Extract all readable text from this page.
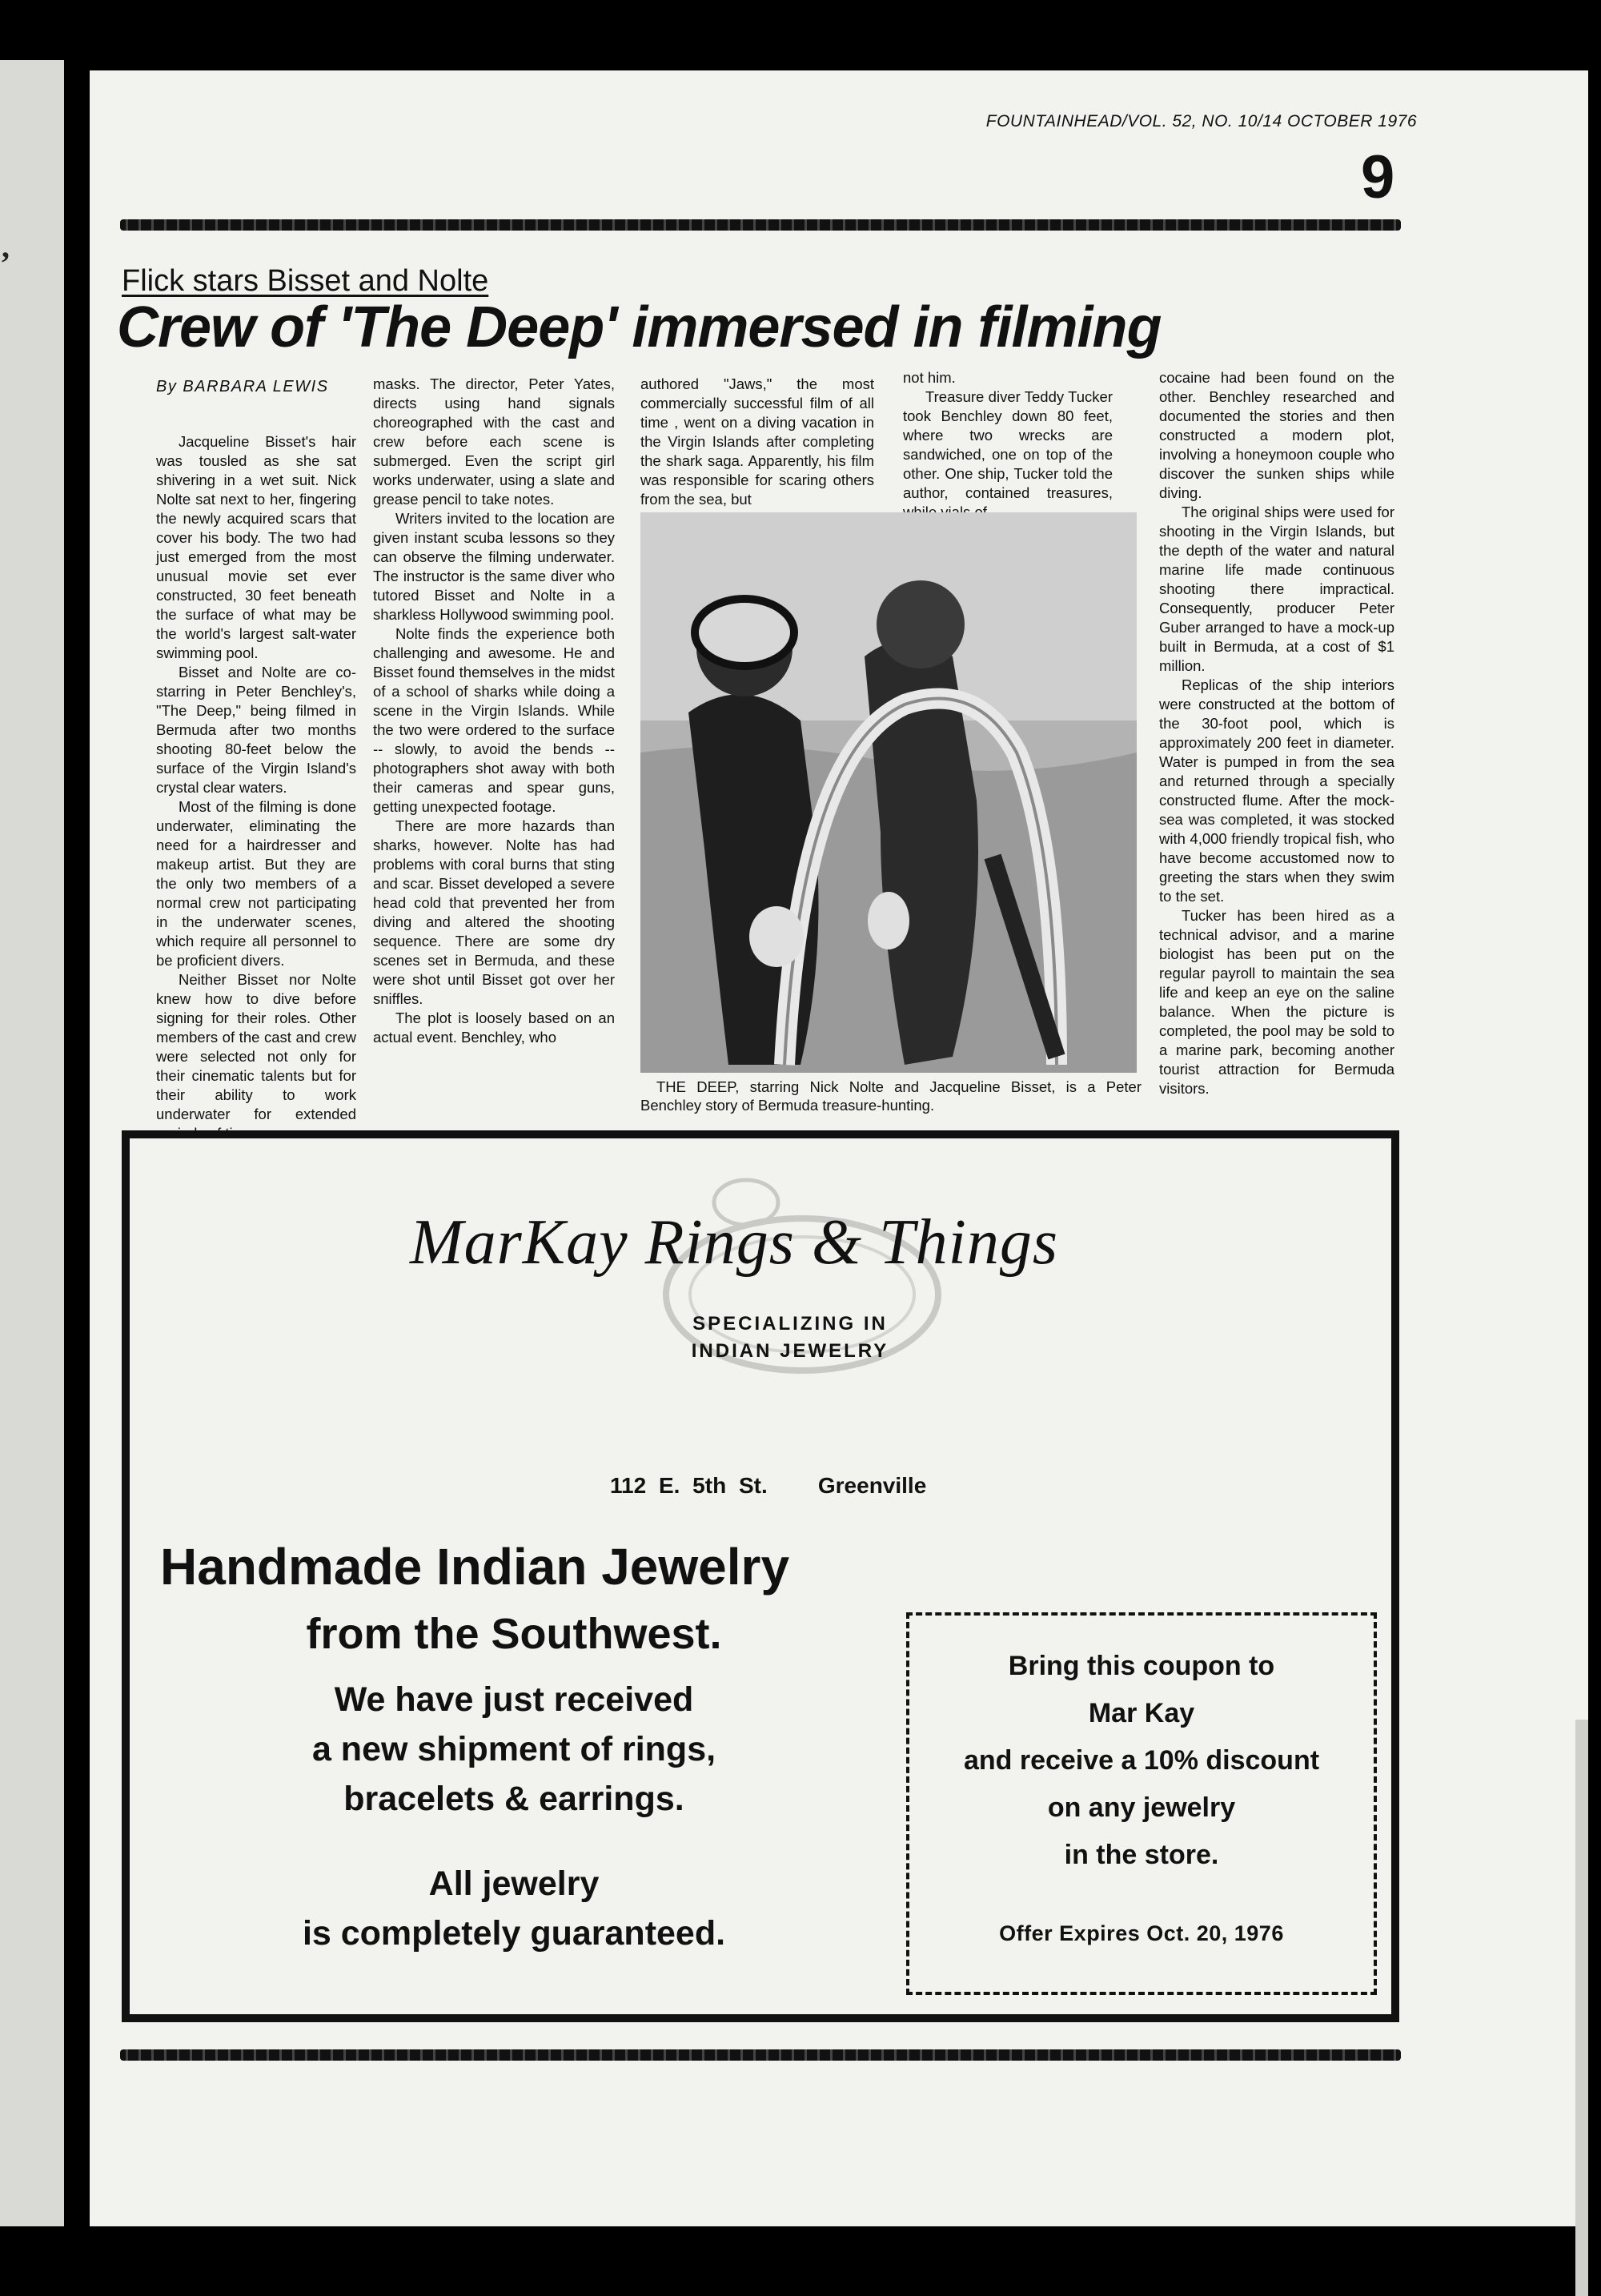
’
FOUNTAINHEAD/VOL. 52, NO. 10/14 OCTOBER 1976
9
Flick stars Bisset and Nolte
Crew of 'The Deep' immersed in filming
By BARBARA LEWIS

Jacqueline Bisset's hair was tousled as she sat shivering in a wet suit. Nick Nolte sat next to her, fingering the newly acquired scars that cover his body. The two had just emerged from the most unusual movie set ever constructed, 30 feet beneath the surface of what may be the world's largest salt-water swimming pool.

Bisset and Nolte are co-starring in Peter Benchley's, "The Deep," being filmed in Bermuda after two months shooting 80-feet below the surface of the Virgin Island's crystal clear waters.

Most of the filming is done underwater, eliminating the need for a hairdresser and makeup artist. But they are the only two members of a normal crew not participating in the underwater scenes, which require all personnel to be proficient divers.

Neither Bisset nor Nolte knew how to dive before signing for their roles. Other members of the cast and crew were selected not only for their cinematic talents but for their ability to work underwater for extended

masks. The director, Peter Yates, directs using hand signals choreographed with the cast and crew before each scene is submerged. Even the script girl works underwater, using a slate and grease pencil to take notes.

Writers invited to the location are given instant scuba lessons so they can observe the filming underwater. The instructor is the same diver who tutored Bisset and Nolte in a sharkless Hollywood swimming pool.

Nolte finds the experience both challenging and awesome. He and Bisset found themselves in the midst of a school of sharks while doing a scene in the Virgin Islands. While the two were ordered to the surface -- slowly, to avoid the bends -- photographers shot away with both their cameras and spear guns, getting unexpected footage.

There are more hazards than sharks, however. Nolte has had problems with coral burns that sting and scar. Bisset developed a severe head cold that prevented her from diving and altered the shooting sequence. There are some dry scenes set in Bermuda, and these were shot until Bisset got over her sniffles.

The plot is loosely based on an actual event. Benchley, who

authored "Jaws," the most commercially successful film of all time , went on a diving vacation in the Virgin Islands after completing the shark saga. Apparently, his film was responsible for scaring others from the sea, but

not him.

Treasure diver Teddy Tucker took Benchley down 80 feet, where two wrecks are sandwiched, one on top of the other. One ship, Tucker told the author, contained treasures,

cocaine had been found on the other. Benchley researched and documented the stories and then constructed a modern plot, involving a honeymoon couple who discover the sunken ships while diving.

The original ships were used for shooting in the Virgin Islands, but the depth of the water and natural marine life made continuous shooting there impractical. Consequently, producer Peter Guber arranged to have a mock-up built in Bermuda, at a cost of $1 million.

Replicas of the ship interiors were constructed at the bottom of the 30-foot pool, which is approximately 200 feet in diameter. Water is pumped in from the sea and returned through a specially constructed flume. After the mock-sea was completed, it was stocked with 4,000 friendly tropical fish, who have become accustomed now to greeting the stars when they swim to the set.

Tucker has been hired as a technical advisor, and a marine biologist has been put on the regular payroll to maintain the sea life and keep an eye on the saline balance. When the picture is completed, the pool may be sold to a marine park, becoming another tourist attraction for Bermuda visitors.

THE DEEP, starring Nick Nolte and Jacqueline Bisset, is a Peter Benchley story of Bermuda treasure-hunting.
MarKay Rings & Things
SPECIALIZING IN
INDIAN JEWELRY
112 E. 5th St. Greenville
Handmade Indian Jewelry
from the Southwest.
We have just received
a new shipment of rings,
bracelets & earrings.
All jewelry
is completely guaranteed.
Bring this coupon to
Mar Kay
and receive a 10% discount
on any jewelry
in the store.
Offer Expires Oct. 20, 1976
